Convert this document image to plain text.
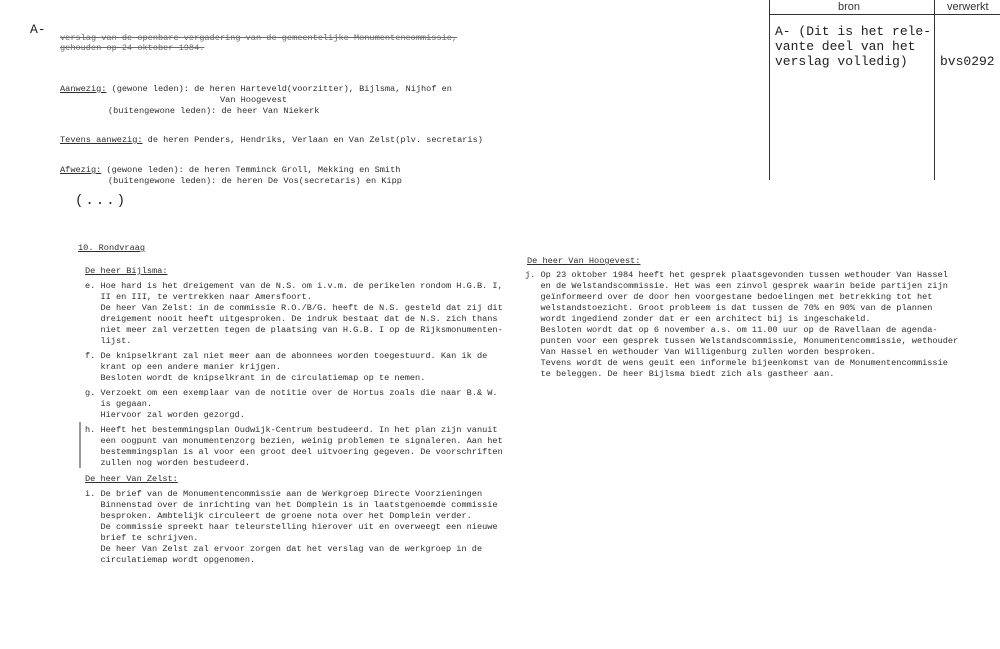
A-
verslag van de openbare vergadering van de gemeentelijke Monumentencommissie,
gehouden op 24 oktober 1984.
bron	verwerkt
A- (Dit is het rele-
vante deel van het
verslag volledig) bvs0292
Aanwezig: (gewone leden): de heren Harteveld(voorzitter), Bijlsma, Nijhof en
Van Hoogevest
(buitengewone leden): de heer Van Niekerk
Tevens aanwezig: de heren Penders, Hendriks, Verlaan en Van Zelst(plv. secretaris)
Afwezig: (gewone leden): de heren Temminck Groll, Mekking en Smith
(buitengewone leden): de heren De Vos(secretaris) en Kipp
(...)
10. Rondvraag
De heer Bijlsma:
e. Hoe hard is het dreigement van de N.S. om i.v.m. de perikelen rondom H.G.B. I,
II en III, te vertrekken naar Amersfoort.
De heer Van Zelst: in de commissie R.O./B/G. heeft de N.S. gesteld dat zij dit
dreigement nooit heeft uitgesproken. De indruk bestaat dat de N.S. zich thans
niet meer zal verzetten tegen de plaatsing van H.G.B. I op de Rijksmonumenten-
lijst.
f. De knipselkrant zal niet meer aan de abonnees worden toegestuurd. Kan ik de
krant op een andere manier krijgen.
Besloten wordt de knipselkrant in de circulatiemap op te nemen.
g. Verzoekt om een exemplaar van de notitie over de Hortus zoals die naar B.& W.
is gegaan.
Hiervoor zal worden gezorgd.
h. Heeft het bestemmingsplan Oudwijk-Centrum bestudeerd. In het plan zijn vanuit
een oogpunt van monumentenzorg bezien, weinig problemen te signaleren. Aan het
bestemmingsplan is al voor een groot deel uitvoering gegeven. De voorschriften
zullen nog worden bestudeerd.
De heer Van Zelst:
i. De brief van de Monumentencommissie aan de Werkgroep Directe Voorzieningen
Binnenstad over de inrichting van het Domplein is in laatstgenoemde commissie
besproken. Ambtelijk circuleert de groene nota over het Domplein verder.
De commissie spreekt haar teleurstelling hierover uit en overweegt een nieuwe
brief te schrijven.
De heer Van Zelst zal ervoor zorgen dat het verslag van de werkgroep in de
circulatiemap wordt opgenomen.
De heer Van Hoogevest:
j. Op 23 oktober 1984 heeft het gesprek plaatsgevonden tussen wethouder Van Hassel
en de Welstandscommissie. Het was een zinvol gesprek waarin beide partijen zijn
geïnformeerd over de door hen voorgestane bedoelingen met betrekking tot het
welstandstoezicht. Groot probleem is dat tussen de 70% en 90% van de plannen
wordt ingediend zonder dat er een architect bij is ingeschakeld.
Besloten wordt dat op 6 november a.s. om 11.00 uur op de Ravellaan de agenda-
punten voor een gesprek tussen Welstandscommissie, Monumentencommissie, wethouder
Van Hassel en wethouder Van Willigenburg zullen worden besproken.
Tevens wordt de wens geuit een informele bijeenkomst van de Monumentencommissie
te beleggen. De heer Bijlsma biedt zich als gastheer aan.
